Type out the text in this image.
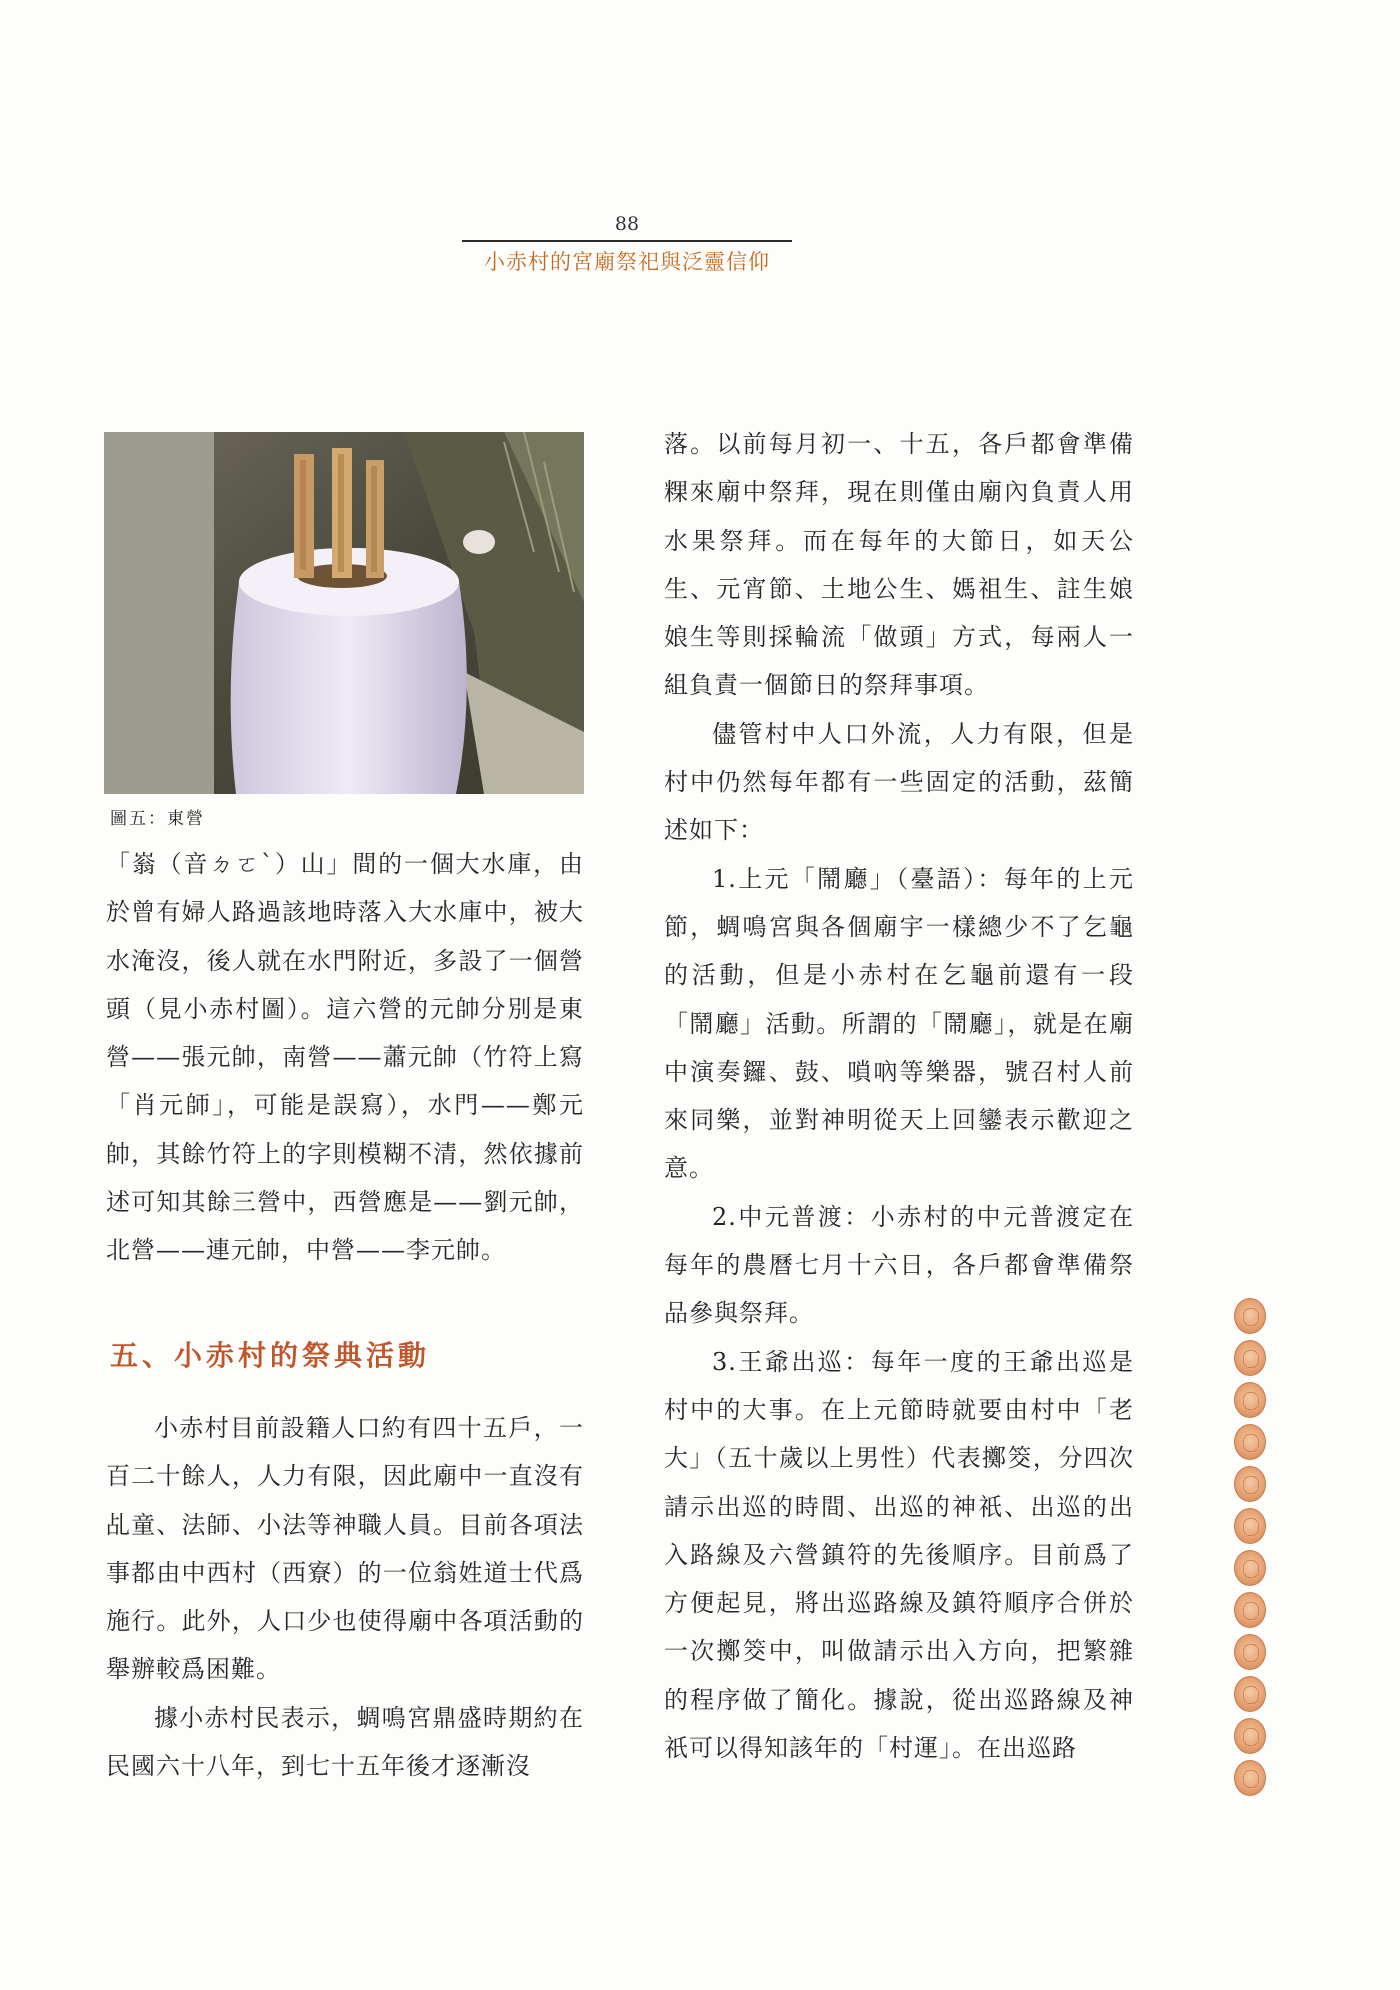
88
小赤村的宮廟祭祀與泛靈信仰
圖五：東營

「嵡（音ㄉㄛˋ）山」間的一個大水庫，由於曾有婦人路過該地時落入大水庫中，被大水淹沒，後人就在水門附近，多設了一個營頭（見小赤村圖）。這六營的元帥分別是東營——張元帥，南營——蕭元帥（竹符上寫「肖元師」，可能是誤寫），水門——鄭元帥，其餘竹符上的字則模糊不清，然依據前述可知其餘三營中，西營應是——劉元帥，北營——連元帥，中營——李元帥。

五、小赤村的祭典活動

小赤村目前設籍人口約有四十五戶，一百二十餘人，人力有限，因此廟中一直沒有乩童、法師、小法等神職人員。目前各項法事都由中西村（西寮）的一位翁姓道士代爲施行。此外，人口少也使得廟中各項活動的舉辦較爲困難。

據小赤村民表示，蜩鳴宮鼎盛時期約在民國六十八年，到七十五年後才逐漸沒

落。以前每月初一、十五，各戶都會準備粿來廟中祭拜，現在則僅由廟內負責人用水果祭拜。而在每年的大節日，如天公生、元宵節、土地公生、媽祖生、註生娘娘生等則採輪流「做頭」方式，每兩人一組負責一個節日的祭拜事項。

儘管村中人口外流，人力有限，但是村中仍然每年都有一些固定的活動，茲簡述如下：

1.上元「鬧廳」（臺語）：每年的上元節，蜩鳴宮與各個廟宇一樣總少不了乞龜的活動，但是小赤村在乞龜前還有一段「鬧廳」活動。所謂的「鬧廳」，就是在廟中演奏鑼、鼓、嗩吶等樂器，號召村人前來同樂，並對神明從天上回鑾表示歡迎之意。

2.中元普渡：小赤村的中元普渡定在每年的農曆七月十六日，各戶都會準備祭品參與祭拜。

3.王爺出巡：每年一度的王爺出巡是村中的大事。在上元節時就要由村中「老大」（五十歲以上男性）代表擲筊，分四次請示出巡的時間、出巡的神祇、出巡的出入路線及六營鎮符的先後順序。目前爲了方便起見，將出巡路線及鎮符順序合併於一次擲筊中，叫做請示出入方向，把繁雜的程序做了簡化。據說，從出巡路線及神祇可以得知該年的「村運」。在出巡路
